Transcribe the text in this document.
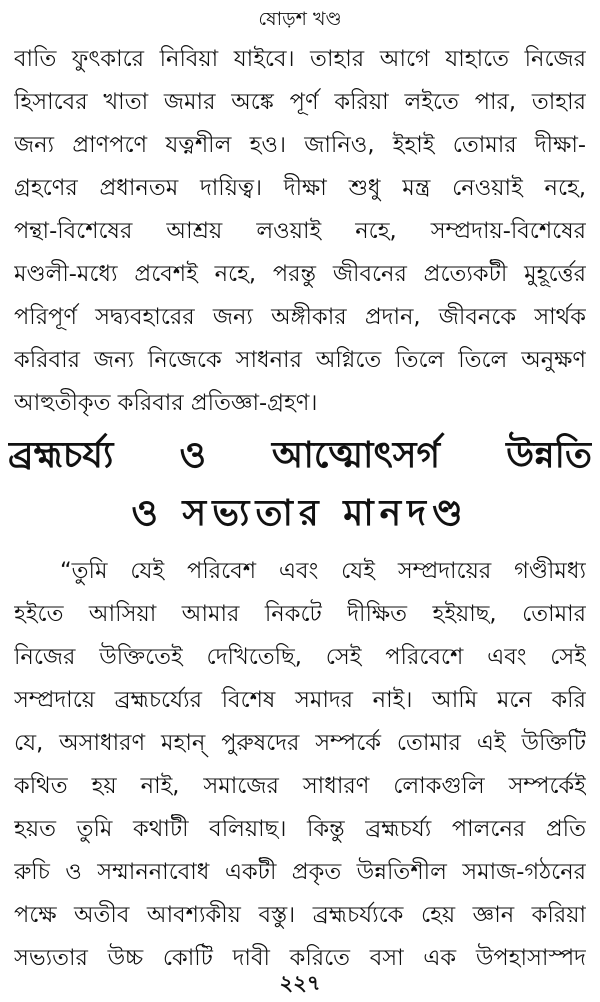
ষোড়শ খণ্ড
বাতি ফুৎকারে নিবিয়া যাইবে। তাহার আগে যাহাতে নিজের
হিসাবের খাতা জমার অঙ্কে পূর্ণ করিয়া লইতে পার, তাহার
জন্য প্রাণপণে যত্নশীল হও। জানিও, ইহাই তোমার দীক্ষা-
গ্রহণের প্রধানতম দায়িত্ব। দীক্ষা শুধু মন্ত্র নেওয়াই নহে,
পন্থা-বিশেষের আশ্রয় লওয়াই নহে, সম্প্রদায়-বিশেষের
মণ্ডলী-মধ্যে প্রবেশই নহে, পরন্তু জীবনের প্রত্যেকটী মুহূর্ত্তের
পরিপূর্ণ সদ্ব্যবহারের জন্য অঙ্গীকার প্রদান, জীবনকে সার্থক
করিবার জন্য নিজেকে সাধনার অগ্নিতে তিলে তিলে অনুক্ষণ
আহুতীকৃত করিবার প্রতিজ্ঞা-গ্রহণ।
ব্রহ্মচর্য্য ও আত্মোৎসর্গ উন্নতি
ও সভ্যতার মানদণ্ড
“তুমি যেই পরিবেশ এবং যেই সম্প্রদায়ের গণ্ডীমধ্য
হইতে আসিয়া আমার নিকটে দীক্ষিত হইয়াছ, তোমার
নিজের উক্তিতেই দেখিতেছি, সেই পরিবেশে এবং সেই
সম্প্রদায়ে ব্রহ্মচর্য্যের বিশেষ সমাদর নাই। আমি মনে করি
যে, অসাধারণ মহান্ পুরুষদের সম্পর্কে তোমার এই উক্তিটি
কথিত হয় নাই, সমাজের সাধারণ লোকগুলি সম্পর্কেই
হয়ত তুমি কথাটী বলিয়াছ। কিন্তু ব্রহ্মচর্য্য পালনের প্রতি
রুচি ও সম্মাননাবোধ একটী প্রকৃত উন্নতিশীল সমাজ-গঠনের
পক্ষে অতীব আবশ্যকীয় বস্তু। ব্রহ্মচর্য্যকে হেয় জ্ঞান করিয়া
সভ্যতার উচ্চ কোটি দাবী করিতে বসা এক উপহাসাস্পদ
২২৭
